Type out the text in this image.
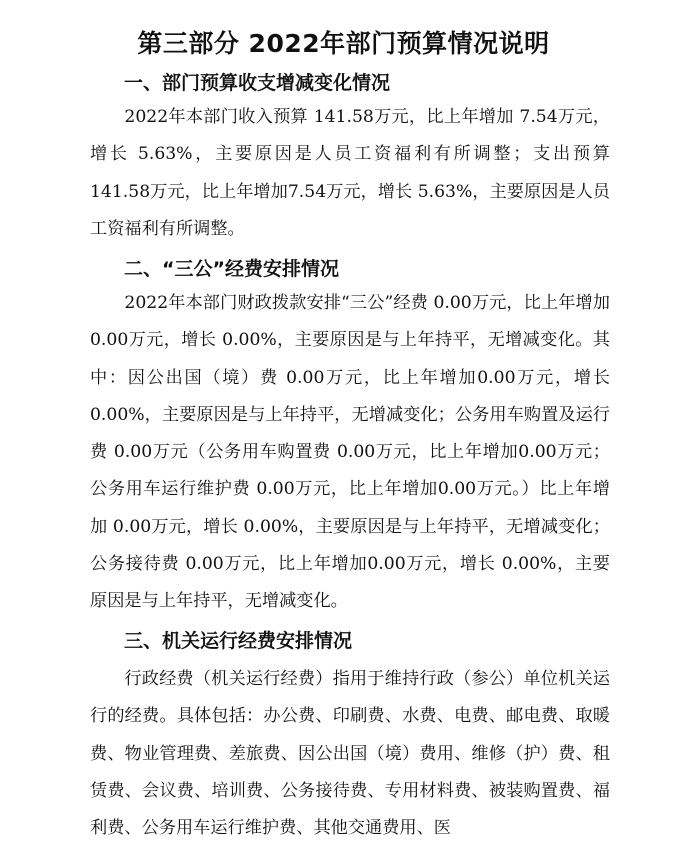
第三部分 2022年部门预算情况说明
一、部门预算收支增减变化情况

2022年本部门收入预算 141.58万元，比上年增加 7.54万元，增长 5.63%，主要原因是人员工资福利有所调整；支出预算 141.58万元，比上年增加7.54万元，增长 5.63%，主要原因是人员工资福利有所调整。

二、“三公”经费安排情况

2022年本部门财政拨款安排“三公”经费 0.00万元，比上年增加 0.00万元，增长 0.00%，主要原因是与上年持平，无增减变化。其中：因公出国（境）费 0.00万元，比上年增加0.00万元，增长 0.00%，主要原因是与上年持平，无增减变化；公务用车购置及运行费 0.00万元（公务用车购置费 0.00万元，比上年增加0.00万元；公务用车运行维护费 0.00万元，比上年增加0.00万元。）比上年增加 0.00万元，增长 0.00%，主要原因是与上年持平，无增减变化；公务接待费 0.00万元，比上年增加0.00万元，增长 0.00%，主要原因是与上年持平，无增减变化。

三、机关运行经费安排情况

行政经费（机关运行经费）指用于维持行政（参公）单位机关运行的经费。具体包括：办公费、印刷费、水费、电费、邮电费、取暖费、物业管理费、差旅费、因公出国（境）费用、维修（护）费、租赁费、会议费、培训费、公务接待费、专用材料费、被装购置费、福利费、公务用车运行维护费、其他交通费用、医
